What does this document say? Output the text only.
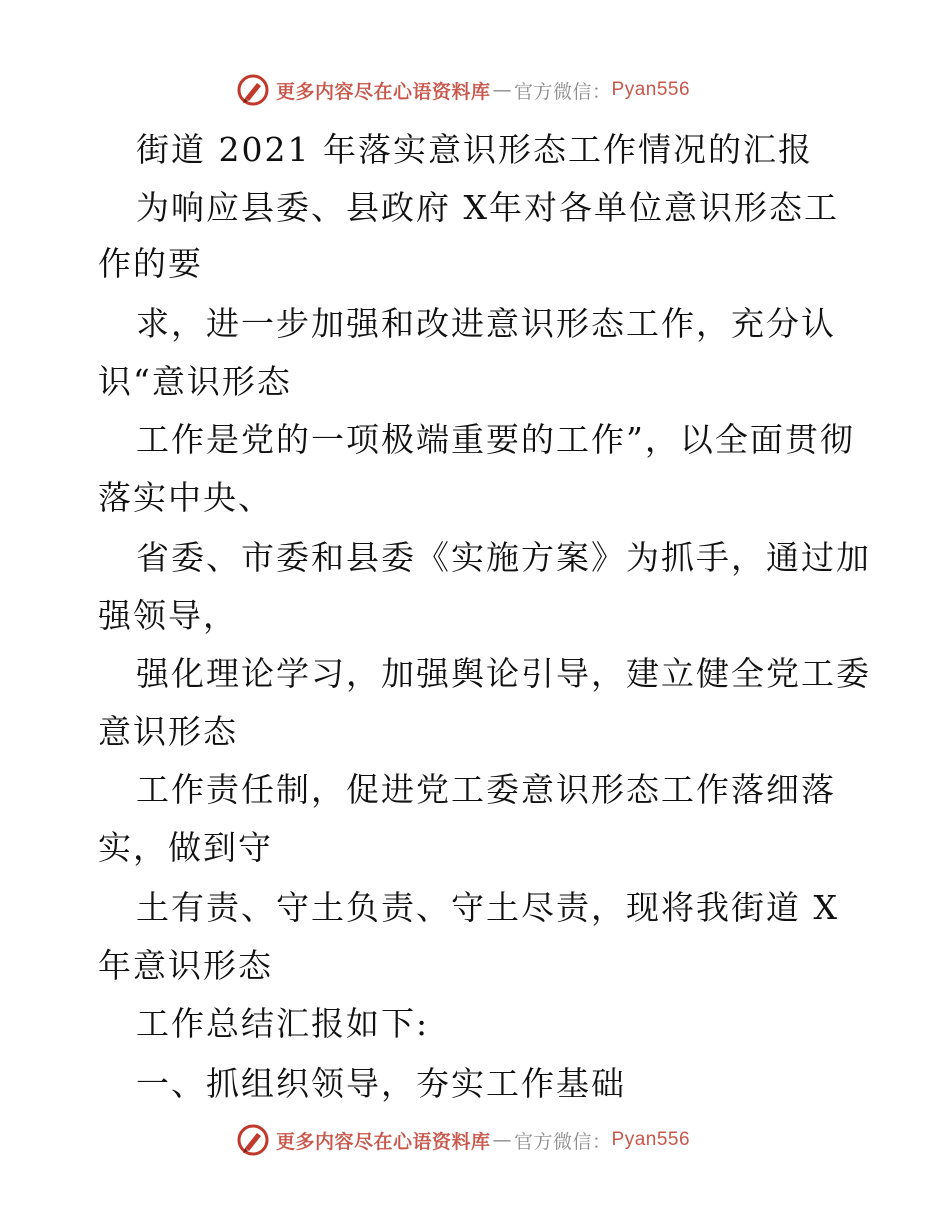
更多内容尽在心语资料库 — 官方微信： Pyan556
街道 2021 年落实意识形态工作情况的汇报
为响应县委、县政府 X年对各单位意识形态工
作的要
求，进一步加强和改进意识形态工作，充分认
识“意识形态
工作是党的一项极端重要的工作”，以全面贯彻
落实中央、
省委、市委和县委《实施方案》为抓手，通过加
强领导，
强化理论学习，加强舆论引导，建立健全党工委
意识形态
工作责任制，促进党工委意识形态工作落细落
实，做到守
土有责、守土负责、守土尽责，现将我街道 X
年意识形态
工作总结汇报如下:
一、抓组织领导，夯实工作基础
更多内容尽在心语资料库 — 官方微信： Pyan556
